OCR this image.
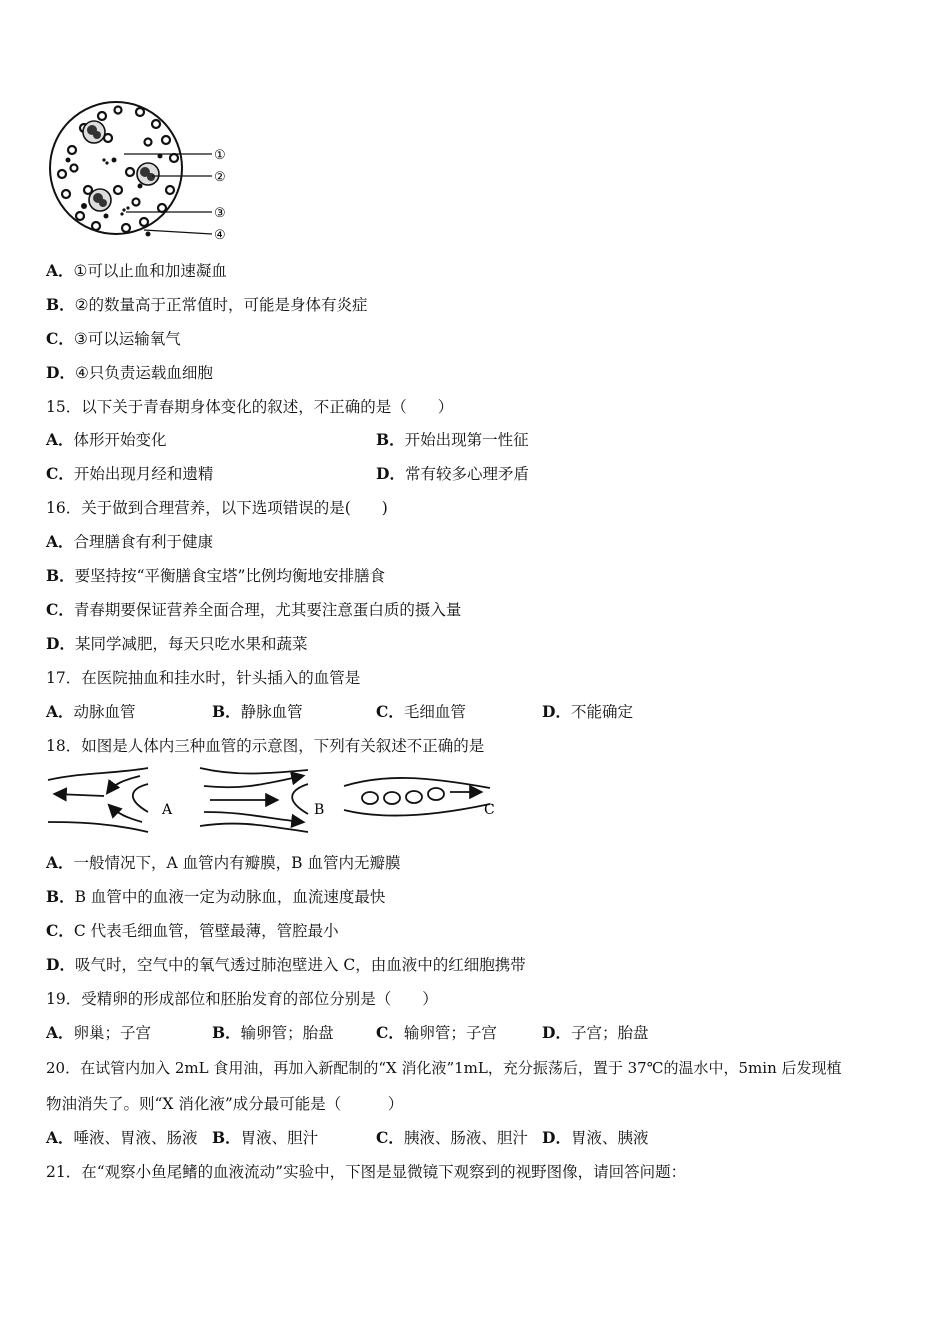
①
②
③
④
A．①可以止血和加速凝血
B．②的数量高于正常值时，可能是身体有炎症
C．③可以运输氧气
D．④只负责运载血细胞
15．以下关于青春期身体变化的叙述，不正确的是（　　）
A．体形开始变化	B．开始出现第一性征
C．开始出现月经和遗精	D．常有较多心理矛盾
16．关于做到合理营养，以下选项错误的是(　　)
A．合理膳食有利于健康
B．要坚持按“平衡膳食宝塔”比例均衡地安排膳食
C．青春期要保证营养全面合理，尤其要注意蛋白质的摄入量
D．某同学减肥，每天只吃水果和蔬菜
17．在医院抽血和挂水时，针头插入的血管是
A．动脉血管	B．静脉血管	C．毛细血管	D．不能确定
18．如图是人体内三种血管的示意图，下列有关叙述不正确的是
A	B	C
A．一般情况下，A 血管内有瓣膜，B 血管内无瓣膜
B．B 血管中的血液一定为动脉血，血流速度最快
C．C 代表毛细血管，管壁最薄，管腔最小
D．吸气时，空气中的氧气透过肺泡壁进入 C，由血液中的红细胞携带
19．受精卵的形成部位和胚胎发育的部位分别是（　　）
A．卵巢；子宫	B．输卵管；胎盘	C．输卵管；子宫	D．子宫；胎盘
20．在试管内加入 2mL 食用油，再加入新配制的“X 消化液”1mL，充分振荡后，置于 37℃的温水中，5min 后发现植
物油消失了。则“X 消化液”成分最可能是（　　　）
A．唾液、胃液、肠液 B．胃液、胆汁	C．胰液、肠液、胆汁 D．胃液、胰液
21．在“观察小鱼尾鳍的血液流动”实验中，下图是显微镜下观察到的视野图像，请回答问题：
